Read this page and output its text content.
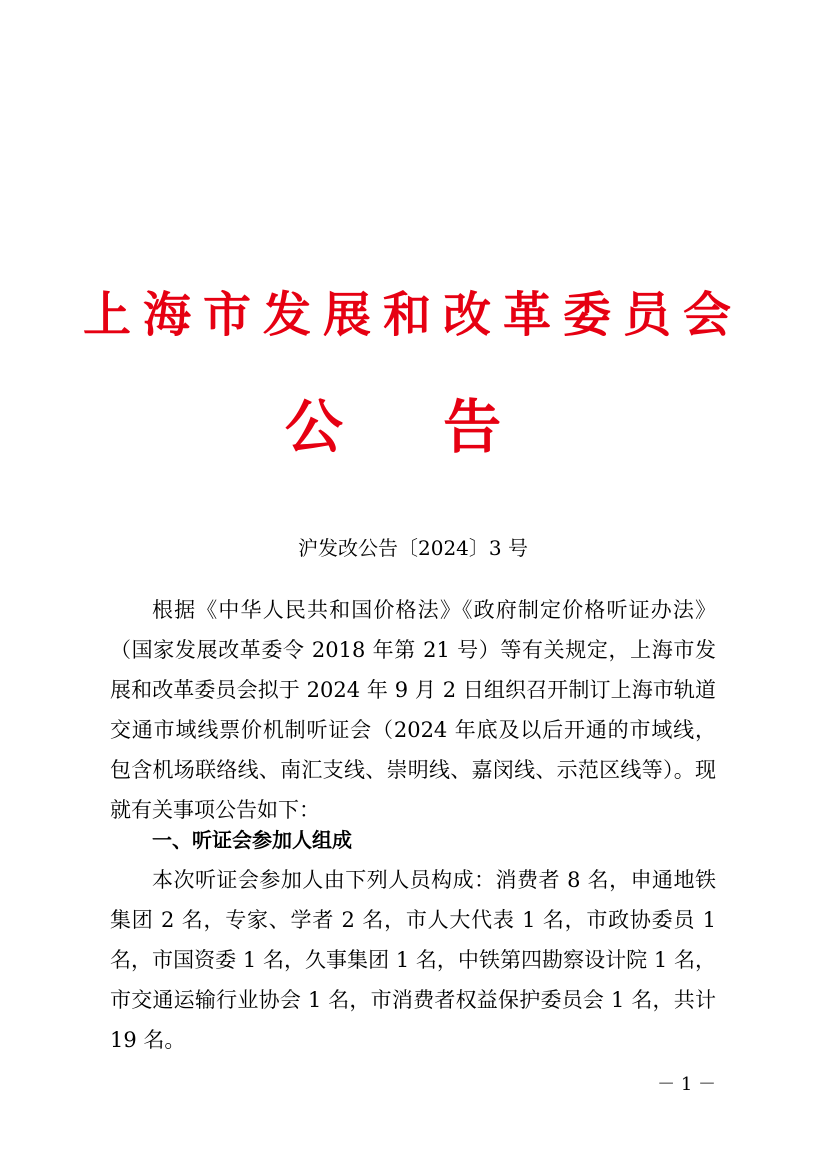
上海市发展和改革委员会
公 告
沪发改公告〔2024〕3 号
根据《中华人民共和国价格法》《政府制定价格听证办法》（国家发展改革委令 2018 年第 21 号）等有关规定，上海市发展和改革委员会拟于 2024 年 9 月 2 日组织召开制订上海市轨道交通市域线票价机制听证会（2024 年底及以后开通的市域线，包含机场联络线、南汇支线、崇明线、嘉闵线、示范区线等）。现就有关事项公告如下：
一、听证会参加人组成
本次听证会参加人由下列人员构成：消费者 8 名，申通地铁集团 2 名，专家、学者 2 名，市人大代表 1 名，市政协委员 1 名，市国资委 1 名，久事集团 1 名，中铁第四勘察设计院 1 名，市交通运输行业协会 1 名，市消费者权益保护委员会 1 名，共计 19 名。
－ 1 －
